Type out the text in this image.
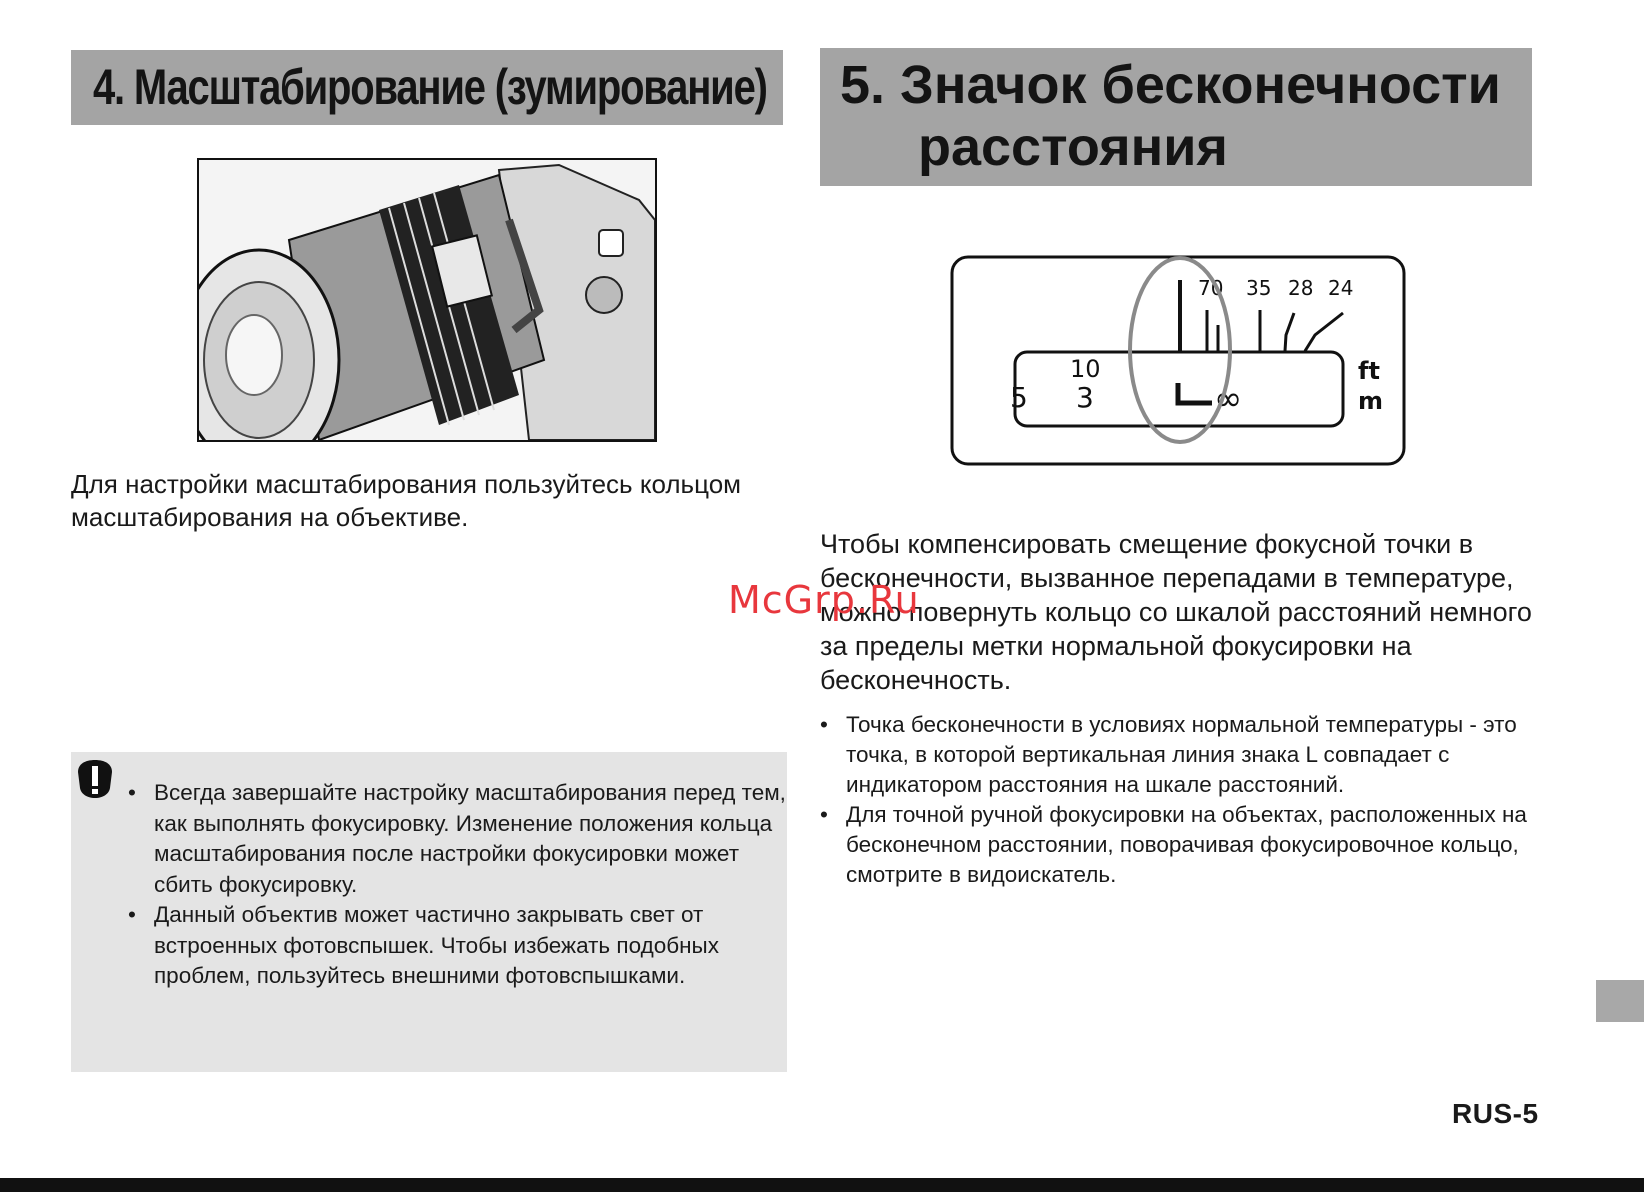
4. Масштабирование (зумирование)
Для настройки масштабирования пользуйтесь кольцом масштабирования на объективе.
• Всегда завершайте настройку масштабирования перед тем, как выполнять фокусировку. Изменение положения кольца масштабирования после настройки фокусировки может сбить фокусировку.
• Данный объектив может частично закрывать свет от встроенных фотовспышек. Чтобы избежать подобных проблем, пользуйтесь внешними фотовспышками.
5. Значок бесконечности
расстояния
70 35 28 24
10
3
5	∞
ft
m
Чтобы компенсировать смещение фокусной точки в бесконечности, вызванное перепадами в температуре, можно повернуть кольцо со шкалой расстояний немного за пределы метки нормальной фокусировки на бесконечность.
• Точка бесконечности в условиях нормальной температуры - это точка, в которой вертикальная линия знака L совпадает с индикатором расстояния на шкале расстояний.
• Для точной ручной фокусировки на объектах, расположенных на бесконечном расстоянии, поворачивая фокусировочное кольцо, смотрите в видоискатель.
McGrp.Ru
RUS-5
